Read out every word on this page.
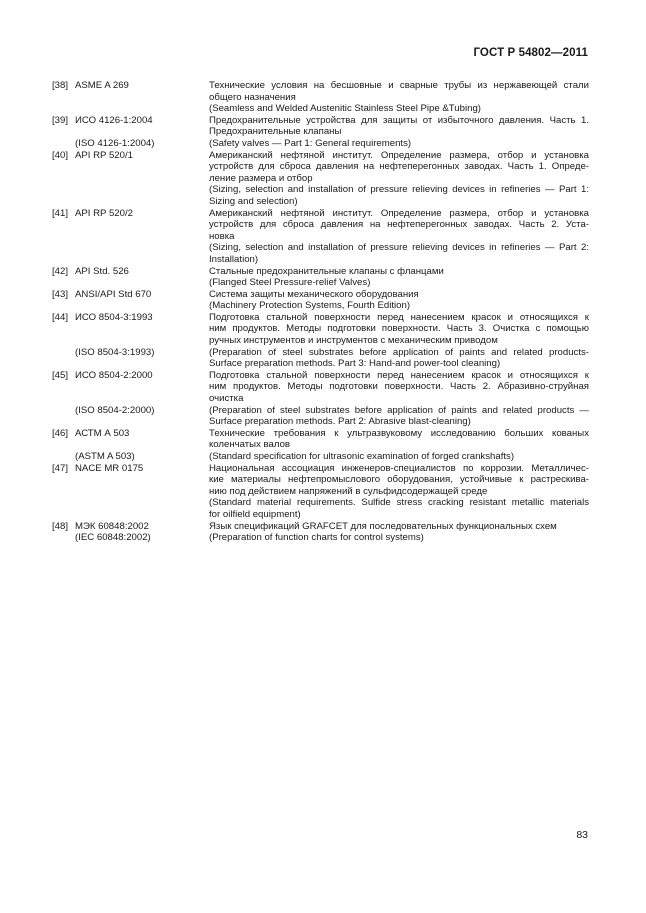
ГОСТ Р 54802—2011
[38] ASME A 269	Технические условия на бесшовные и сварные трубы из нержавеющей стали
общего назначения
(Seamless and Welded Austenitic Stainless Steel Pipe &Tubing)
[39] ИСО 4126-1:2004	Предохранительные устройства для защиты от избыточного давления. Часть 1.
Предохранительные клапаны
(ISO 4126-1:2004)	(Safety valves — Part 1: General requirements)
[40] API RP 520/1	Американский нефтяной институт. Определение размера, отбор и установка
устройств для сброса давления на нефтеперегонных заводах. Часть 1. Опреде-
ление размера и отбор
(Sizing, selection and installation of pressure relieving devices in refineries — Part 1:
Sizing and selection)
[41] API RP 520/2	Американский нефтяной институт. Определение размера, отбор и установка
устройств для сброса давления на нефтеперегонных заводах. Часть 2. Уста-
новка
(Sizing, selection and installation of pressure relieving devices in refineries — Part 2:
Installation)
[42] API Std. 526	Стальные предохранительные клапаны с фланцами
(Flanged Steel Pressure-relief Valves)
[43] ANSI/API Std 670	Система защиты механического оборудования
(Machinery Protection Systems, Fourth Edition)
[44] ИСО 8504-3:1993	Подготовка стальной поверхности перед нанесением красок и относящихся к
ним продуктов. Методы подготовки поверхности. Часть 3. Очистка с помощью
ручных инструментов и инструментов с механическим приводом
(ISO 8504-3:1993)	(Preparation of steel substrates before application of paints and related products-
Surface preparation methods. Part 3: Hand-and power-tool cleaning)
[45] ИСО 8504-2:2000	Подготовка стальной поверхности перед нанесением красок и относящихся к
ним продуктов. Методы подготовки поверхности. Часть 2. Абразивно-струйная
очистка
(ISO 8504-2:2000)	(Preparation of steel substrates before application of paints and related products —
Surface preparation methods. Part 2: Abrasive blast-cleaning)
[46] АСТМ А 503	Технические требования к ультразвуковому исследованию больших кованых
коленчатых валов
(ASTM A 503)	(Standard specification for ultrasonic examination of forged crankshafts)
[47] NACE MR 0175	Национальная ассоциация инженеров-специалистов по коррозии. Металличес-
кие материалы нефтепромыслового оборудования, устойчивые к растрескива-
нию под действием напряжений в сульфидсодержащей среде
(Standard material requirements. Sulfide stress cracking resistant metallic materials
for oilfield equipment)
[48] МЭК 60848:2002	Язык спецификаций GRAFCET для последовательных функциональных схем
(IEC 60848:2002)	(Preparation of function charts for control systems)
83
